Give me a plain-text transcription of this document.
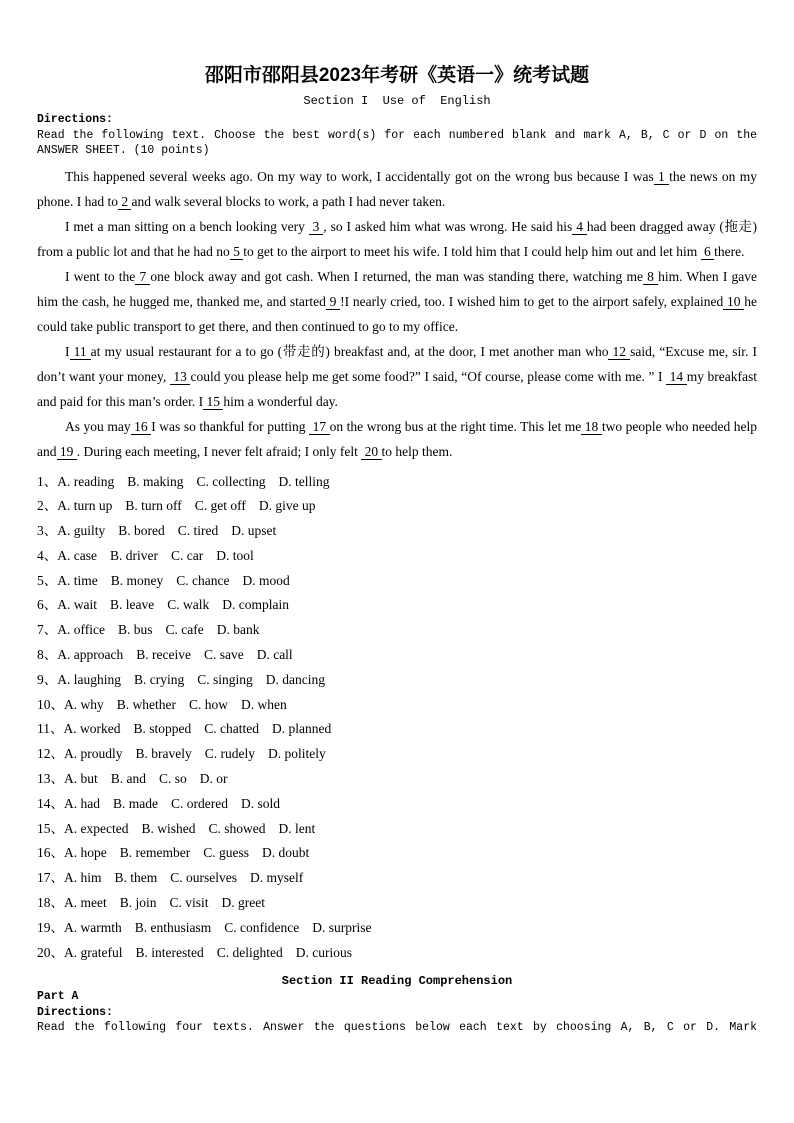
邵阳市邵阳县2023年考研《英语一》统考试题
Section I  Use of  English
Directions:
Read the following text. Choose the best word(s) for each numbered blank and mark A, B, C or D on the ANSWER SHEET. (10 points)

This happened several weeks ago. On my way to work, I accidentally got on the wrong bus because I was 1 the news on my phone. I had to 2 and walk several blocks to work, a path I had never taken.

I met a man sitting on a bench looking very  3 , so I asked him what was wrong. He said his 4 had been dragged away (拖走) from a public lot and that he had no 5 to get to the airport to meet his wife. I told him that I could help him out and let him  6 there.

I went to the 7 one block away and got cash. When I returned, the man was standing there, watching me 8 him. When I gave him the cash, he hugged me, thanked me, and started 9 !I nearly cried, too. I wished him to get to the airport safely, explained 10 he could take public transport to get there, and then continued to go to my office.

I 11 at my usual restaurant for a to go (带走的) breakfast and, at the door, I met another man who 12 said, “Excuse me, sir. I don’t want your money,  13 could you please help me get some food?” I said, “Of course, please come with me. ” I  14 my breakfast and paid for this man’s order. I 15 him a wonderful day.

As you may 16 I was so thankful for putting  17 on the wrong bus at the right time. This let me 18 two people who needed help and 19 . During each meeting, I never felt afraid; I only felt  20 to help them.

1、A. reading B. making C. collecting D. telling
2、A. turn up B. turn off C. get off D. give up
3、A. guilty B. bored C. tired D. upset
4、A. case B. driver C. car D. tool
5、A. time B. money C. chance D. mood
6、A. wait B. leave C. walk D. complain
7、A. office B. bus C. cafe D. bank
8、A. approach B. receive C. save D. call
9、A. laughing B. crying C. singing D. dancing
10、A. why B. whether C. how D. when
11、A. worked B. stopped C. chatted D. planned
12、A. proudly B. bravely C. rudely D. politely
13、A. but B. and C. so D. or
14、A. had B. made C. ordered D. sold
15、A. expected B. wished C. showed D. lent
16、A. hope B. remember C. guess D. doubt
17、A. him B. them C. ourselves D. myself
18、A. meet B. join C. visit D. greet
19、A. warmth B. enthusiasm C. confidence D. surprise
20、A. grateful B. interested C. delighted D. curious
Section II Reading Comprehension
Part A
Directions:
Read the following four texts. Answer the questions below each text by choosing A, B, C or D. Mark
